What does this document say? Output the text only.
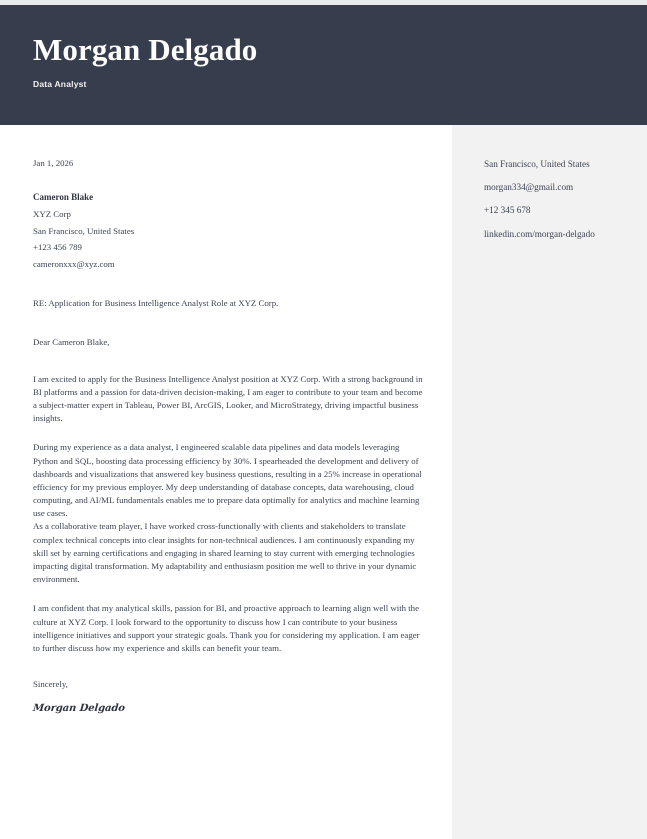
Morgan Delgado
Data Analyst
San Francisco, United States
morgan334@gmail.com
+12 345 678
linkedin.com/morgan-delgado
Jan 1, 2026
Cameron Blake
XYZ Corp
San Francisco, United States
+123 456 789
cameronxxx@xyz.com
RE: Application for Business Intelligence Analyst Role at XYZ Corp.
Dear Cameron Blake,

I am excited to apply for the Business Intelligence Analyst position at XYZ Corp. With a strong background in BI platforms and a passion for data-driven decision-making, I am eager to contribute to your team and become a subject-matter expert in Tableau, Power BI, ArcGIS, Looker, and MicroStrategy, driving impactful business insights.

During my experience as a data analyst, I engineered scalable data pipelines and data models leveraging Python and SQL, boosting data processing efficiency by 30%. I spearheaded the development and delivery of dashboards and visualizations that answered key business questions, resulting in a 25% increase in operational efficiency for my previous employer. My deep understanding of database concepts, data warehousing, cloud computing, and AI/ML fundamentals enables me to prepare data optimally for analytics and machine learning use cases.

As a collaborative team player, I have worked cross-functionally with clients and stakeholders to translate complex technical concepts into clear insights for non-technical audiences. I am continuously expanding my skill set by earning certifications and engaging in shared learning to stay current with emerging technologies impacting digital transformation. My adaptability and enthusiasm position me well to thrive in your dynamic environment.

I am confident that my analytical skills, passion for BI, and proactive approach to learning align well with the culture at XYZ Corp. I look forward to the opportunity to discuss how I can contribute to your business intelligence initiatives and support your strategic goals. Thank you for considering my application. I am eager to further discuss how my experience and skills can benefit your team.

Sincerely,
Morgan Delgado
